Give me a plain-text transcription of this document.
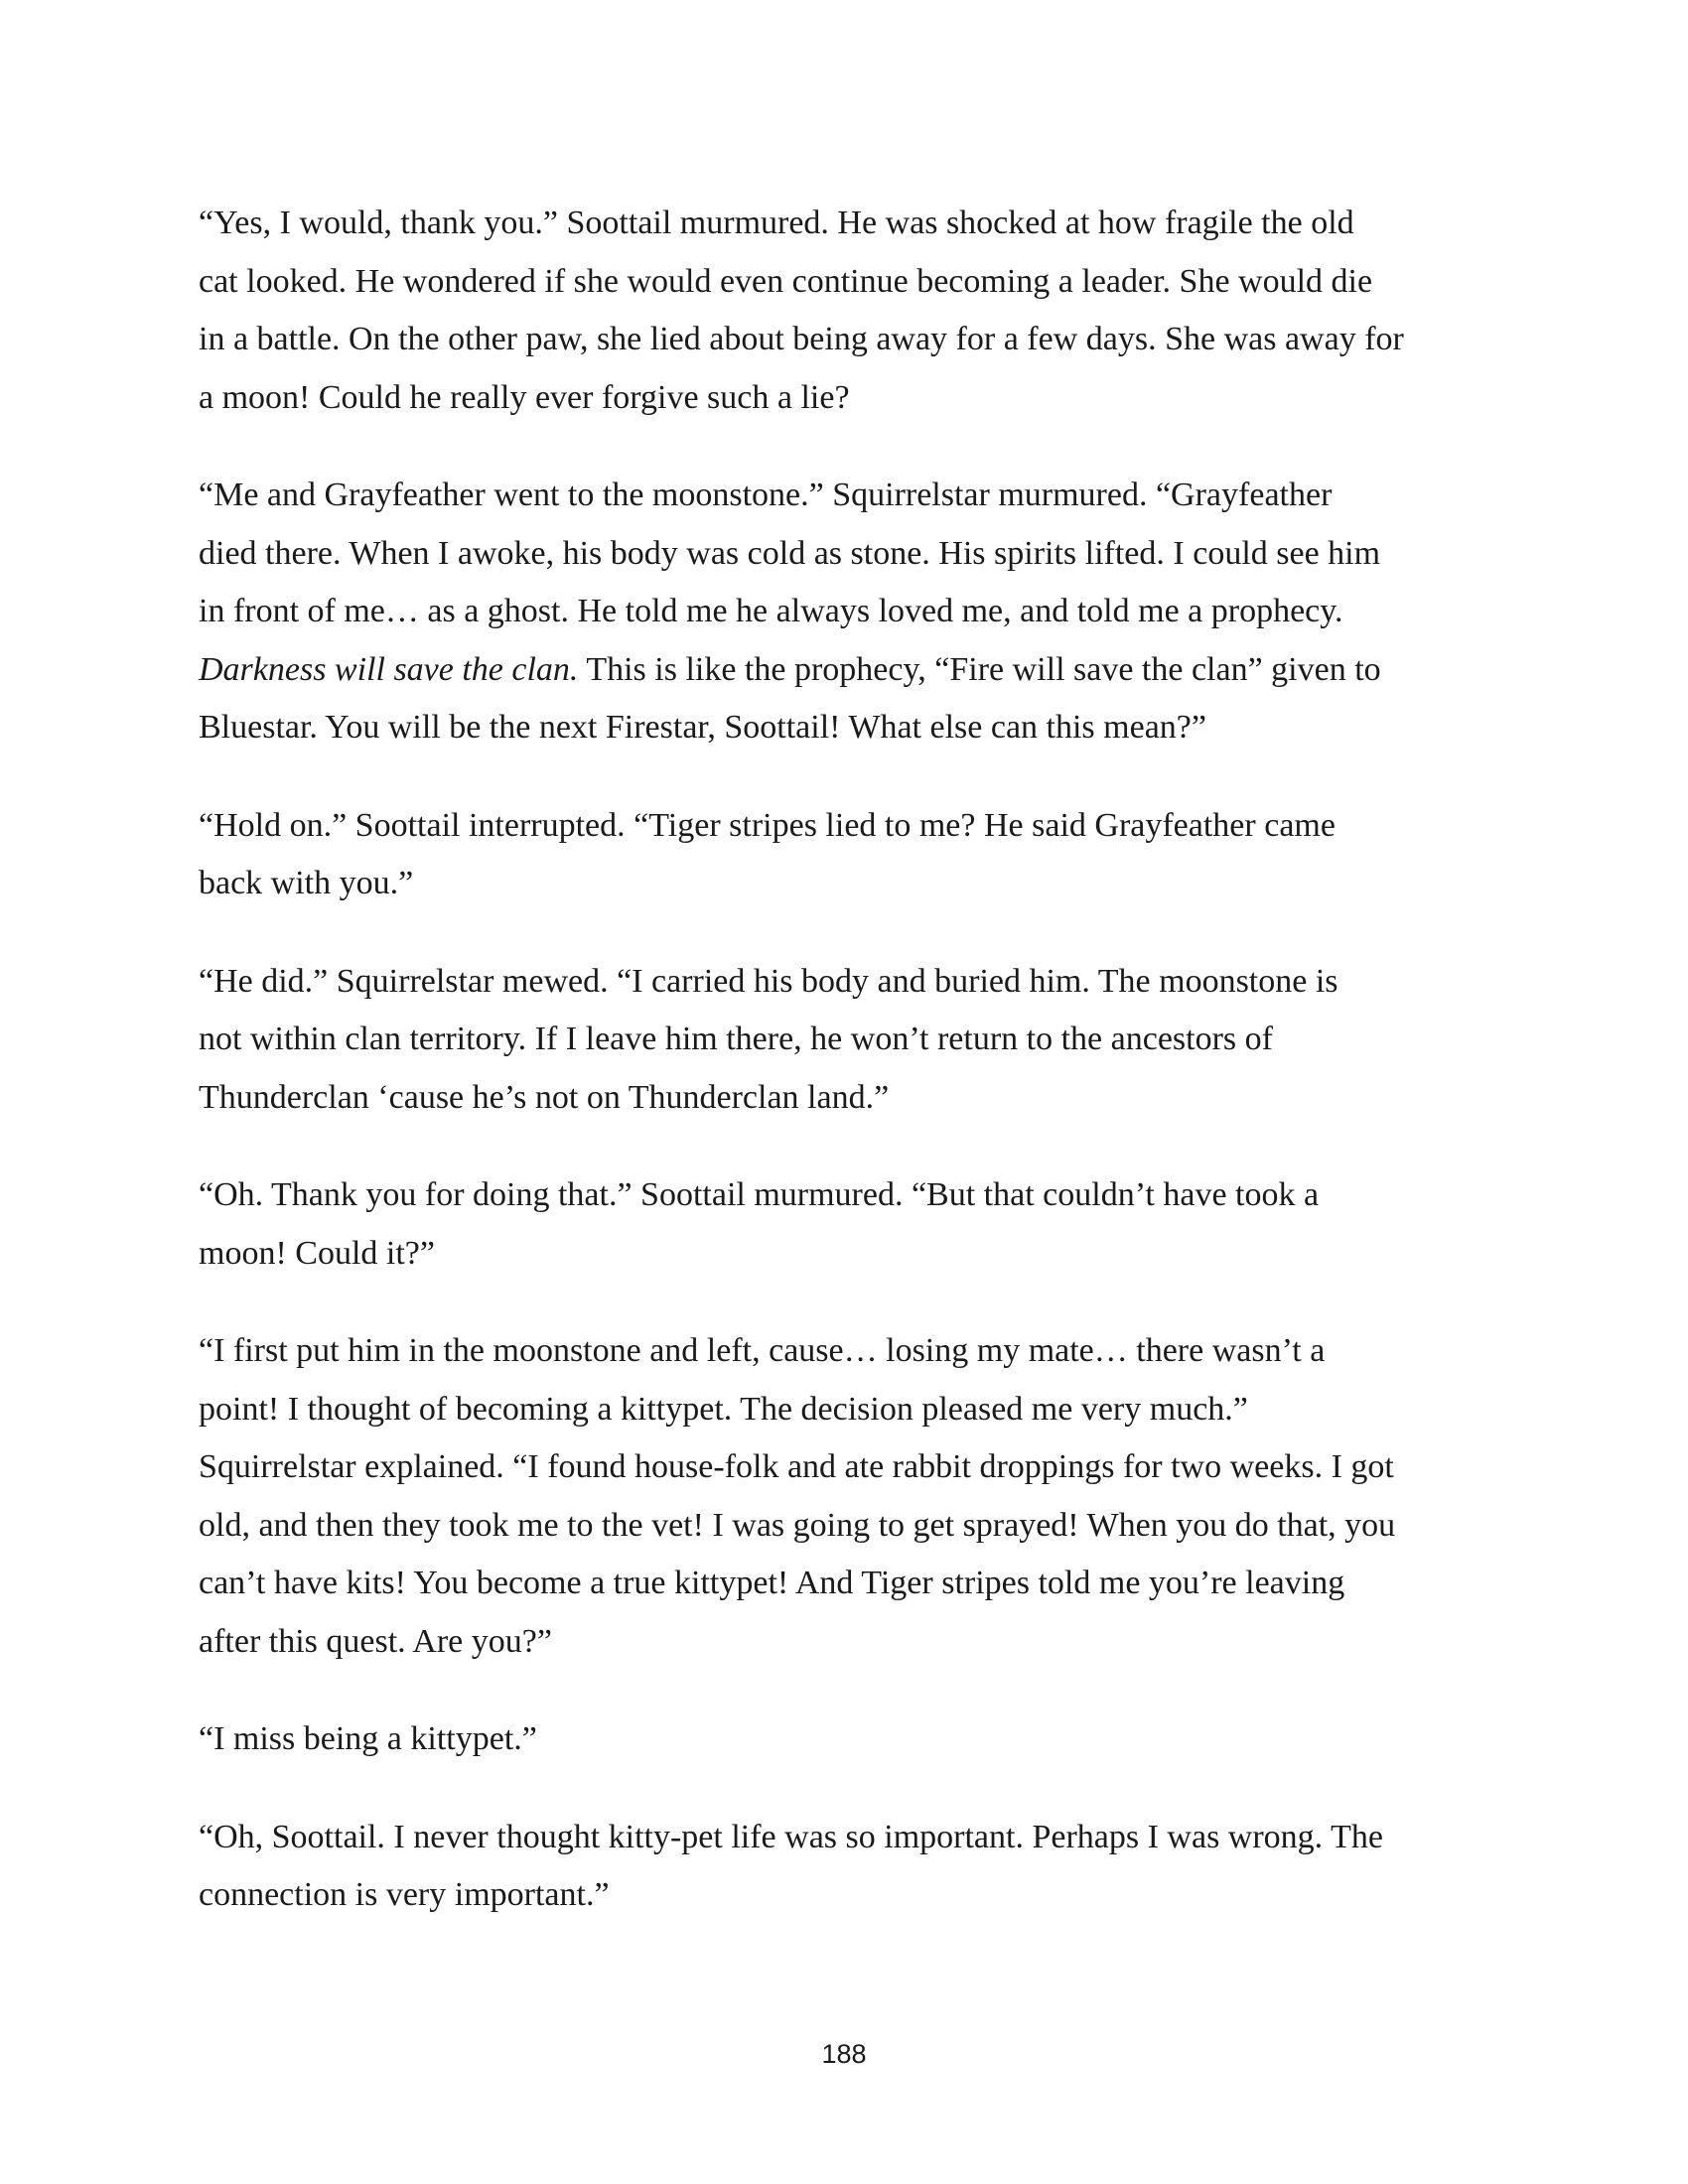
“Yes, I would, thank you.” Soottail murmured. He was shocked at how fragile the old
cat looked. He wondered if she would even continue becoming a leader. She would die
in a battle. On the other paw, she lied about being away for a few days. She was away for
a moon! Could he really ever forgive such a lie?

“Me and Grayfeather went to the moonstone.” Squirrelstar murmured. “Grayfeather
died there. When I awoke, his body was cold as stone. His spirits lifted. I could see him
in front of me… as a ghost. He told me he always loved me, and told me a prophecy.
Darkness will save the clan. This is like the prophecy, “Fire will save the clan” given to
Bluestar. You will be the next Firestar, Soottail! What else can this mean?”

“Hold on.” Soottail interrupted. “Tiger stripes lied to me? He said Grayfeather came
back with you.”

“He did.” Squirrelstar mewed. “I carried his body and buried him. The moonstone is
not within clan territory. If I leave him there, he won’t return to the ancestors of
Thunderclan ‘cause he’s not on Thunderclan land.”

“Oh. Thank you for doing that.” Soottail murmured. “But that couldn’t have took a
moon! Could it?”

“I first put him in the moonstone and left, cause… losing my mate… there wasn’t a
point! I thought of becoming a kittypet. The decision pleased me very much.”
Squirrelstar explained. “I found house-folk and ate rabbit droppings for two weeks. I got
old, and then they took me to the vet! I was going to get sprayed! When you do that, you
can’t have kits! You become a true kittypet! And Tiger stripes told me you’re leaving
after this quest. Are you?”

“I miss being a kittypet.”

“Oh, Soottail. I never thought kitty-pet life was so important. Perhaps I was wrong. The
connection is very important.”

188
